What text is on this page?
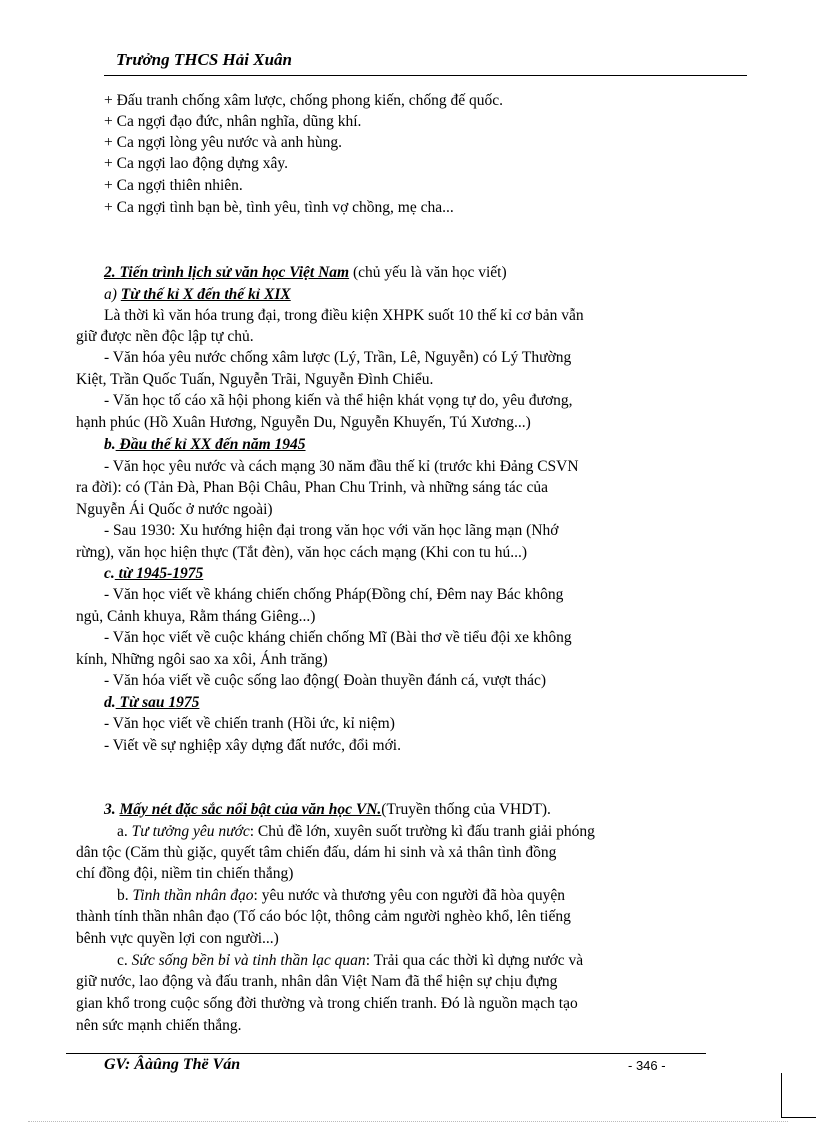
Trưởng THCS Hải Xuân
+ Đấu tranh chống xâm lược, chống phong kiến, chống đế quốc.
+ Ca ngợi đạo đức, nhân nghĩa, dũng khí.
+ Ca ngợi lòng yêu nước và anh hùng.
+ Ca ngợi lao động dựng xây.
+ Ca ngợi thiên nhiên.
+ Ca ngợi tình bạn bè, tình yêu, tình vợ chồng, mẹ cha...
2. Tiến trình lịch sử văn học Việt Nam (chủ yếu là văn học viết)
a) Từ thế kỉ X đến thế kỉ XIX
Là thời kì văn hóa trung đại, trong điều kiện XHPK suốt 10 thế kỉ cơ bản vẫn
giữ được nền độc lập tự chủ.
- Văn hóa yêu nước chống xâm lược (Lý, Trần, Lê, Nguyễn) có Lý Thường
Kiệt, Trần Quốc Tuấn, Nguyễn Trãi, Nguyễn Đình Chiểu.
- Văn học tố cáo xã hội phong kiến và thể hiện khát vọng tự do, yêu đương,
hạnh phúc (Hồ Xuân Hương, Nguyễn Du, Nguyễn Khuyến, Tú Xương...)
b. Đầu thế kỉ XX đến năm 1945
- Văn học yêu nước và cách mạng 30 năm đầu thế kỉ (trước khi Đảng CSVN
ra đời): có (Tản Đà, Phan Bội Châu, Phan Chu Trinh, và những sáng tác của
Nguyễn Ái Quốc ở nước ngoài)
- Sau 1930: Xu hướng hiện đại trong văn học với văn học lãng mạn (Nhớ
rừng), văn học hiện thực (Tắt đèn), văn học cách mạng (Khi con tu hú...)
c. từ 1945-1975
- Văn học viết về kháng chiến chống Pháp(Đồng chí, Đêm nay Bác không
ngủ, Cảnh khuya, Rằm tháng Giêng...)
- Văn học viết về cuộc kháng chiến chống Mĩ (Bài thơ về tiểu đội xe không
kính, Những ngôi sao xa xôi, Ánh trăng)
- Văn hóa viết về cuộc sống lao động( Đoàn thuyền đánh cá, vượt thác)
d. Từ sau 1975
- Văn học viết về chiến tranh (Hồi ức, kỉ niệm)
- Viết về sự nghiệp xây dựng đất nước, đổi mới.
3. Mấy nét đặc sắc nổi bật của văn học VN.(Truyền thống của VHDT).
a. Tư tưởng yêu nước: Chủ đề lớn, xuyên suốt trường kì đấu tranh giải phóng
dân tộc (Căm thù giặc, quyết tâm chiến đấu, dám hi sinh và xả thân tình đồng
chí đồng đội, niềm tin chiến thắng)
b. Tinh thần nhân đạo: yêu nước và thương yêu con người đã hòa quyện
thành tính thần nhân đạo (Tố cáo bóc lột, thông cảm người nghèo khổ, lên tiếng
bênh vực quyền lợi con người...)
c. Sức sống bền bỉ và tinh thần lạc quan: Trải qua các thời kì dựng nước và
giữ nước, lao động và đấu tranh, nhân dân Việt Nam đã thể hiện sự chịu đựng
gian khổ trong cuộc sống đời thường và trong chiến tranh. Đó là nguồn mạch tạo
nên sức mạnh chiến thắng.
GV: Âàûng Thë Ván	- 346 -
